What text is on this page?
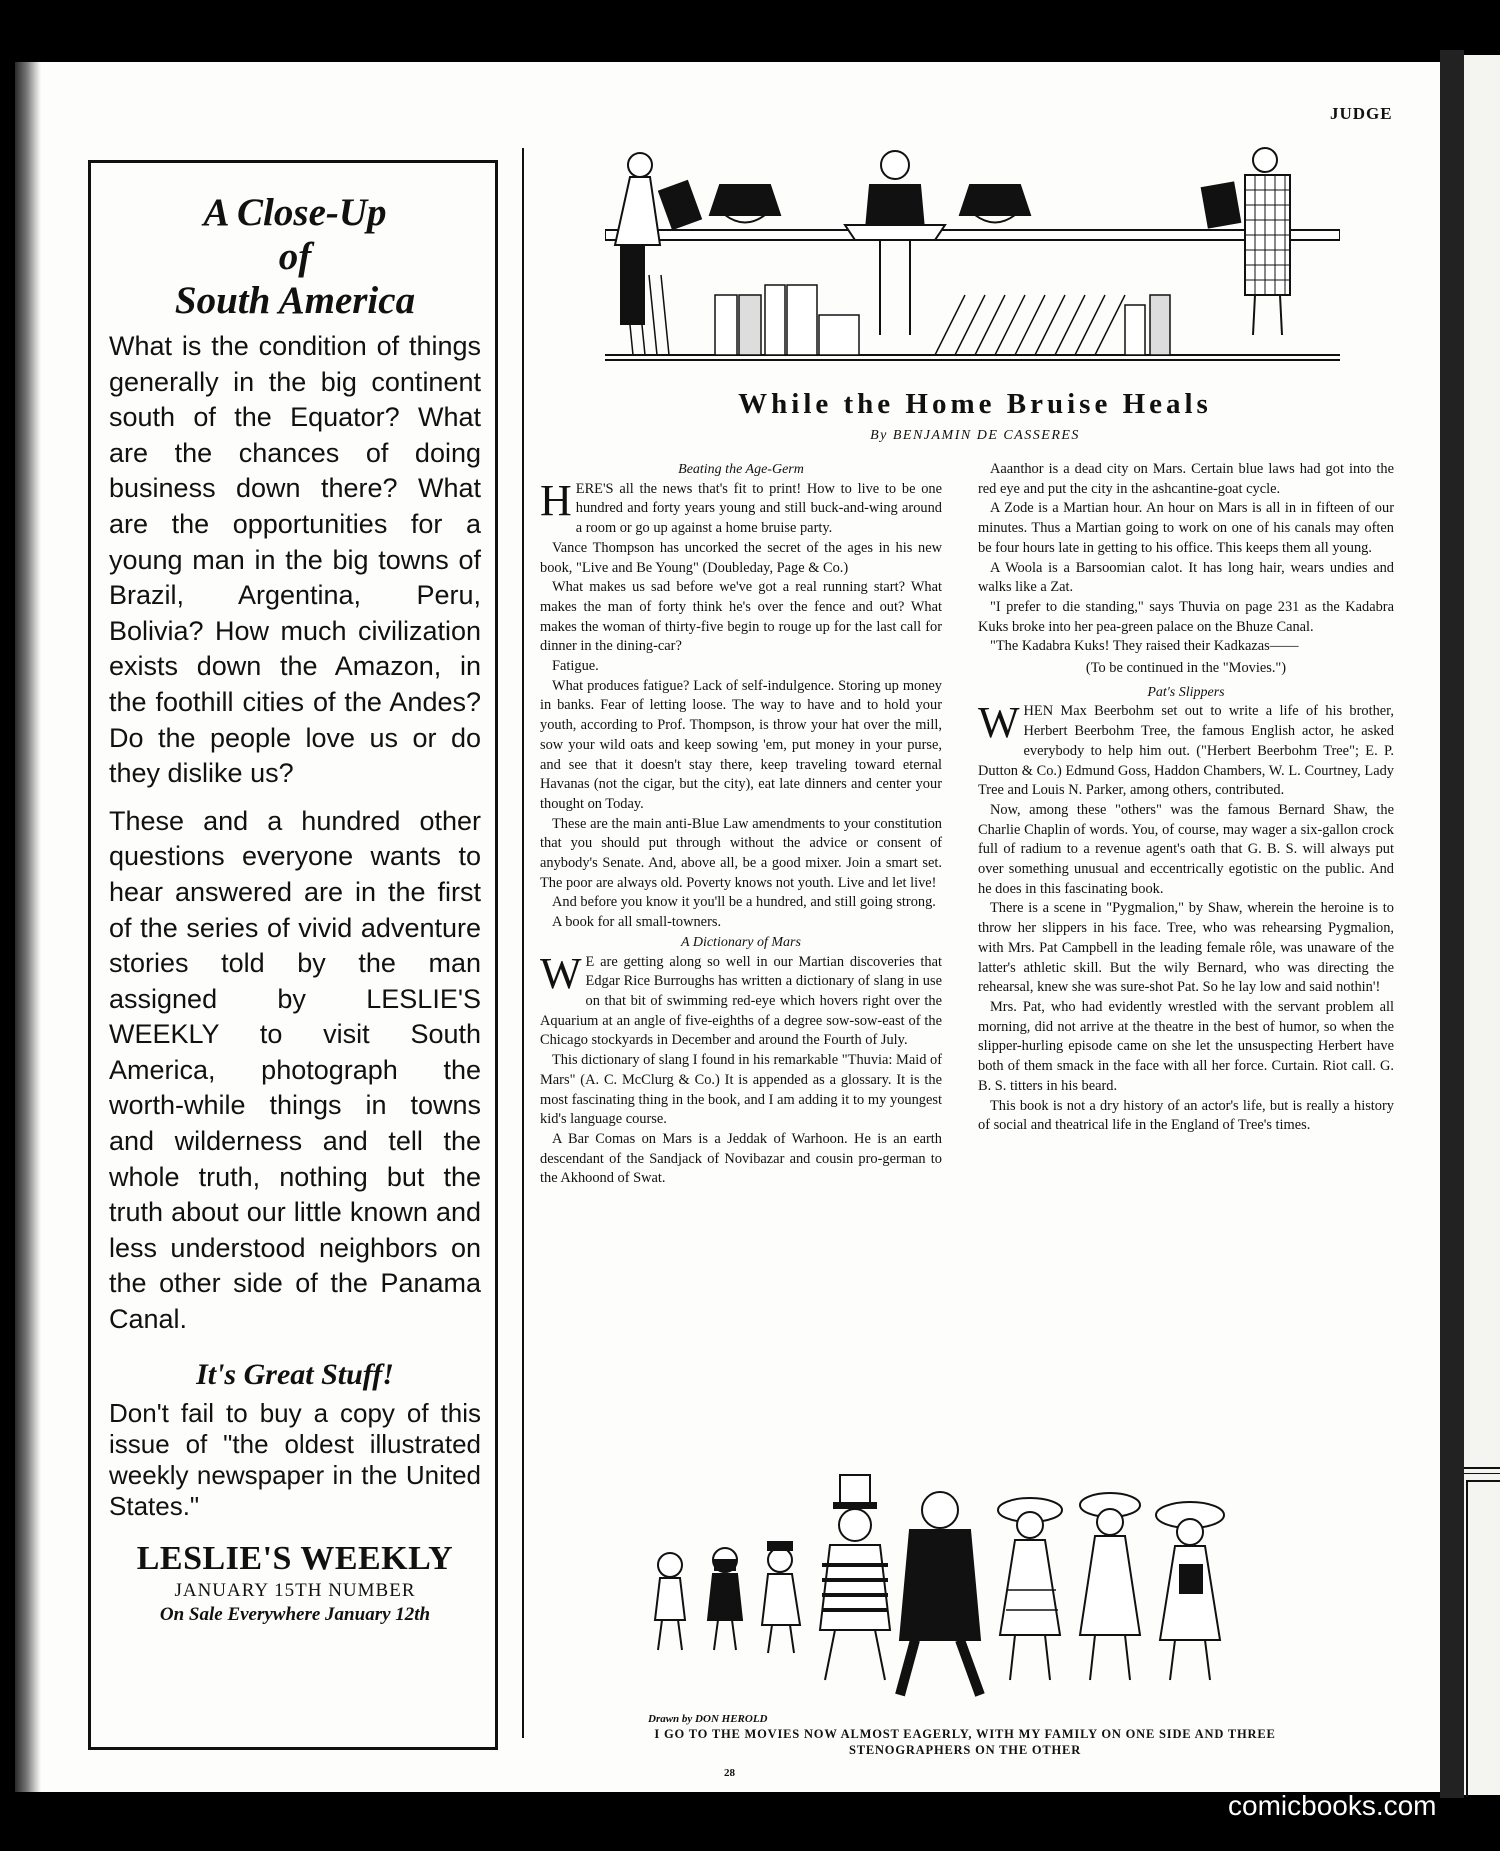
JUDGE
A Close-Up
of
South America

What is the condition of things generally in the big continent south of the Equator? What are the chances of doing business down there? What are the opportunities for a young man in the big towns of Brazil, Argentina, Peru, Bolivia? How much civilization exists down the Amazon, in the foothill cities of the Andes? Do the people love us or do they dislike us?

These and a hundred other questions everyone wants to hear answered are in the first of the series of vivid adventure stories told by the man assigned by LESLIE'S WEEKLY to visit South America, photograph the worth-while things in towns and wilderness and tell the whole truth, nothing but the truth about our little known and less understood neighbors on the other side of the Panama Canal.

It's Great Stuff!

Don't fail to buy a copy of this issue of "the oldest illustrated weekly newspaper in the United States."

LESLIE'S WEEKLY
JANUARY 15TH NUMBER
On Sale Everywhere January 12th
While the Home Bruise Heals
By BENJAMIN DE CASSERES

Beating the Age-Germ

HERE'S all the news that's fit to print! How to live to be one hundred and forty years young and still buck-and-wing around a room or go up against a home bruise party.

Vance Thompson has uncorked the secret of the ages in his new book, "Live and Be Young" (Doubleday, Page & Co.)

What makes us sad before we've got a real running start? What makes the man of forty think he's over the fence and out? What makes the woman of thirty-five begin to rouge up for the last call for dinner in the dining-car?

Fatigue.

What produces fatigue? Lack of self-indulgence. Storing up money in banks. Fear of letting loose. The way to have and to hold your youth, according to Prof. Thompson, is throw your hat over the mill, sow your wild oats and keep sowing 'em, put money in your purse, and see that it doesn't stay there, keep traveling toward eternal Havanas (not the cigar, but the city), eat late dinners and center your thought on Today.

These are the main anti-Blue Law amendments to your constitution that you should put through without the advice or consent of anybody's Senate. And, above all, be a good mixer. Join a smart set. The poor are always old. Poverty knows not youth. Live and let live!

And before you know it you'll be a hundred, and still going strong.

A book for all small-towners.

A Dictionary of Mars

W E are getting along so well in our Martian discoveries that Edgar Rice Burroughs has written a dictionary of slang in use on that bit of swimming red-eye which hovers right over the Aquarium at an angle of five-eighths of a degree sow-sow-east of the Chicago stockyards in December and around the Fourth of July.

This dictionary of slang I found in his remarkable "Thuvia: Maid of Mars" (A. C. McClurg & Co.) It is appended as a glossary. It is the most fascinating thing in the book, and I am adding it to my youngest kid's language course.

A Bar Comas on Mars is a Jeddak of Warhoon. He is an earth descendant of the Sandjack of Novibazar and cousin pro-german to the Akhoond of Swat.

Aaanthor is a dead city on Mars. Certain blue laws had got into the red eye and put the city in the ashcantine-goat cycle.

A Zode is a Martian hour. An hour on Mars is all in in fifteen of our minutes. Thus a Martian going to work on one of his canals may often be four hours late in getting to his office. This keeps them all young.

A Woola is a Barsoomian calot. It has long hair, wears undies and walks like a Zat.

"I prefer to die standing," says Thuvia on page 231 as the Kadabra Kuks broke into her pea-green palace on the Bhuze Canal.

"The Kadabra Kuks! They raised their Kadkazas——

(To be continued in the "Movies.")

Pat's Slippers

WHEN Max Beerbohm set out to write a life of his brother, Herbert Beerbohm Tree, the famous English actor, he asked everybody to help him out. ("Herbert Beerbohm Tree"; E. P. Dutton & Co.) Edmund Goss, Haddon Chambers, W. L. Courtney, Lady Tree and Louis N. Parker, among others, contributed.

Now, among these "others" was the famous Bernard Shaw, the Charlie Chaplin of words. You, of course, may wager a six-gallon crock full of radium to a revenue agent's oath that G. B. S. will always put over something unusual and eccentrically egotistic on the public. And he does in this fascinating book.

There is a scene in "Pygmalion," by Shaw, wherein the heroine is to throw her slippers in his face. Tree, who was rehearsing Pygmalion, with Mrs. Pat Campbell in the leading female rôle, was unaware of the latter's athletic skill. But the wily Bernard, who was directing the rehearsal, knew she was sure-shot Pat. So he lay low and said nothin'!

Mrs. Pat, who had evidently wrestled with the servant problem all morning, did not arrive at the theatre in the best of humor, so when the slipper-hurling episode came on she let the unsuspecting Herbert have both of them smack in the face with all her force. Curtain. Riot call. G. B. S. titters in his beard.

This book is not a dry history of an actor's life, but is really a history of social and theatrical life in the England of Tree's times.

Drawn by DON HEROLD
I GO TO THE MOVIES NOW ALMOST EAGERLY, WITH MY FAMILY ON ONE SIDE AND THREE STENOGRAPHERS ON THE OTHER
28
comicbooks.com
